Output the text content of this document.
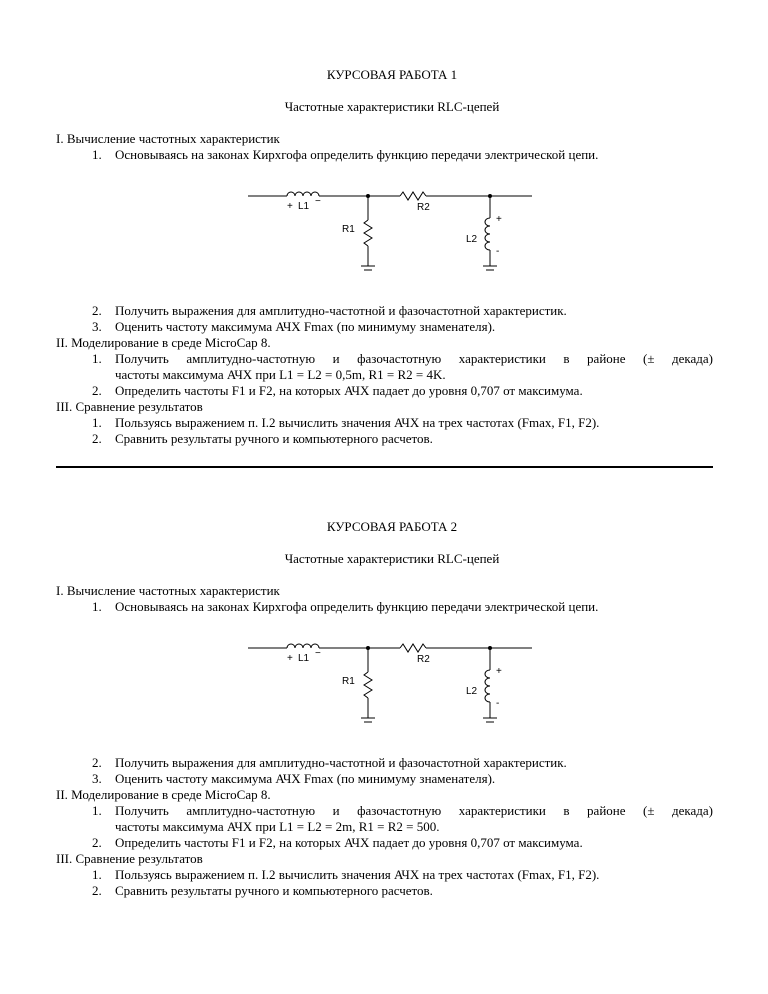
КУРСОВАЯ РАБОТА 1
Частотные характеристики RLC-цепей
I. Вычисление частотных характеристик
1. Основываясь на законах Кирхгофа определить функцию передачи электрической цепи.
+ L1 −
R2
R1
L2
+
-
2. Получить выражения для амплитудно-частотной и фазочастотной характеристик.
3. Оценить частоту максимума АЧХ Fmax (по минимуму знаменателя).
II. Моделирование в среде MicroCap 8.
1. Получить амплитудно-частотную и фазочастотную характеристики в районе (± декада)
частоты максимума АЧХ при L1 = L2 = 0,5m, R1 = R2 = 4K.
2. Определить частоты F1 и F2, на которых АЧХ падает до уровня 0,707 от максимума.
III. Сравнение результатов
1. Пользуясь выражением п. I.2 вычислить значения АЧХ на трех частотах (Fmax, F1, F2).
2. Сравнить результаты ручного и компьютерного расчетов.
КУРСОВАЯ РАБОТА 2
Частотные характеристики RLC-цепей
I. Вычисление частотных характеристик
1. Основываясь на законах Кирхгофа определить функцию передачи электрической цепи.
+ L1 −
R2
R1
L2
+
-
2. Получить выражения для амплитудно-частотной и фазочастотной характеристик.
3. Оценить частоту максимума АЧХ Fmax (по минимуму знаменателя).
II. Моделирование в среде MicroCap 8.
1. Получить амплитудно-частотную и фазочастотную характеристики в районе (± декада)
частоты максимума АЧХ при L1 = L2 = 2m, R1 = R2 = 500.
2. Определить частоты F1 и F2, на которых АЧХ падает до уровня 0,707 от максимума.
III. Сравнение результатов
1. Пользуясь выражением п. I.2 вычислить значения АЧХ на трех частотах (Fmax, F1, F2).
2. Сравнить результаты ручного и компьютерного расчетов.
